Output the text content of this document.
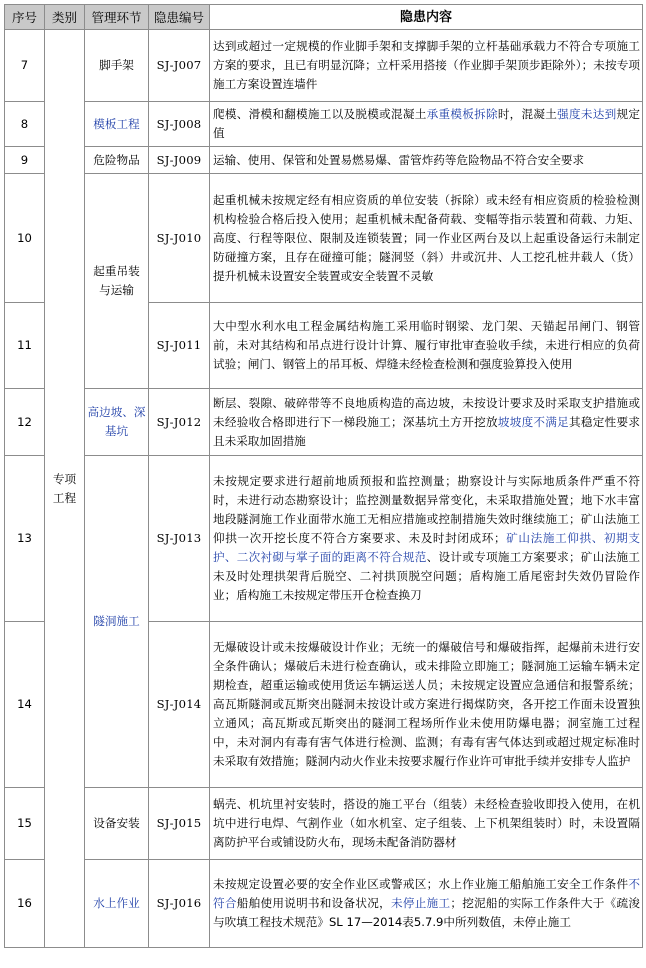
序号	类别	管理环节	隐患编号	隐患内容
7	专项工程	脚手架	SJ-J007	达到或超过一定规模的作业脚手架和支撑脚手架的立杆基础承载力不符合专项施工方案的要求，且已有明显沉降；立杆采用搭接（作业脚手架顶步距除外）；未按专项施工方案设置连墙件
8		模板工程	SJ-J008	爬模、滑模和翻模施工以及脱模或混凝土承重模板拆除时，混凝土强度未达到规定值
9		危险物品	SJ-J009	运输、使用、保管和处置易燃易爆、雷管炸药等危险物品不符合安全要求
10		起重吊装与运输	SJ-J010	起重机械未按规定经有相应资质的单位安装（拆除）或未经有相应资质的检验检测机构检验合格后投入使用；起重机械未配备荷载、变幅等指示装置和荷载、力矩、高度、行程等限位、限制及连锁装置；同一作业区两台及以上起重设备运行未制定防碰撞方案，且存在碰撞可能；隧洞竖（斜）井或沉井、人工挖孔桩井载人（货）提升机械未设置安全装置或安全装置不灵敏
11			SJ-J011	大中型水利水电工程金属结构施工采用临时钢梁、龙门架、天锚起吊闸门、钢管前，未对其结构和吊点进行设计计算、履行审批审查验收手续，未进行相应的负荷试验；闸门、钢管上的吊耳板、焊缝未经检查检测和强度验算投入使用
12		高边坡、深基坑	SJ-J012	断层、裂隙、破碎带等不良地质构造的高边坡，未按设计要求及时采取支护措施或未经验收合格即进行下一梯段施工；深基坑土方开挖放坡坡度不满足其稳定性要求且未采取加固措施
13		隧洞施工	SJ-J013	未按规定要求进行超前地质预报和监控测量；勘察设计与实际地质条件严重不符时，未进行动态勘察设计；监控测量数据异常变化，未采取措施处置；地下水丰富地段隧洞施工作业面带水施工无相应措施或控制措施失效时继续施工；矿山法施工仰拱一次开挖长度不符合方案要求、未及时封闭成环；矿山法施工仰拱、初期支护、二次衬砌与掌子面的距离不符合规范、设计或专项施工方案要求；矿山法施工未及时处理拱架背后脱空、二衬拱顶脱空问题；盾构施工盾尾密封失效仍冒险作业；盾构施工未按规定带压开仓检查换刀
14			SJ-J014	无爆破设计或未按爆破设计作业；无统一的爆破信号和爆破指挥，起爆前未进行安全条件确认；爆破后未进行检查确认，或未排险立即施工；隧洞施工运输车辆未定期检查，超重运输或使用货运车辆运送人员；未按规定设置应急通信和报警系统；高瓦斯隧洞或瓦斯突出隧洞未按设计或方案进行揭煤防突，各开挖工作面未设置独立通风；高瓦斯或瓦斯突出的隧洞工程场所作业未使用防爆电器；洞室施工过程中，未对洞内有毒有害气体进行检测、监测；有毒有害气体达到或超过规定标准时未采取有效措施；隧洞内动火作业未按要求履行作业许可审批手续并安排专人监护
15		设备安装	SJ-J015	蜗壳、机坑里衬安装时，搭设的施工平台（组装）未经检查验收即投入使用，在机坑中进行电焊、气割作业（如水机室、定子组装、上下机架组装时）时，未设置隔离防护平台或铺设防火布，现场未配备消防器材
16		水上作业	SJ-J016	未按规定设置必要的安全作业区或警戒区；水上作业施工船舶施工安全工作条件不符合船舶使用说明书和设备状况，未停止施工；挖泥船的实际工作条件大于《疏浚与吹填工程技术规范》SL 17—2014表5.7.9中所列数值，未停止施工
